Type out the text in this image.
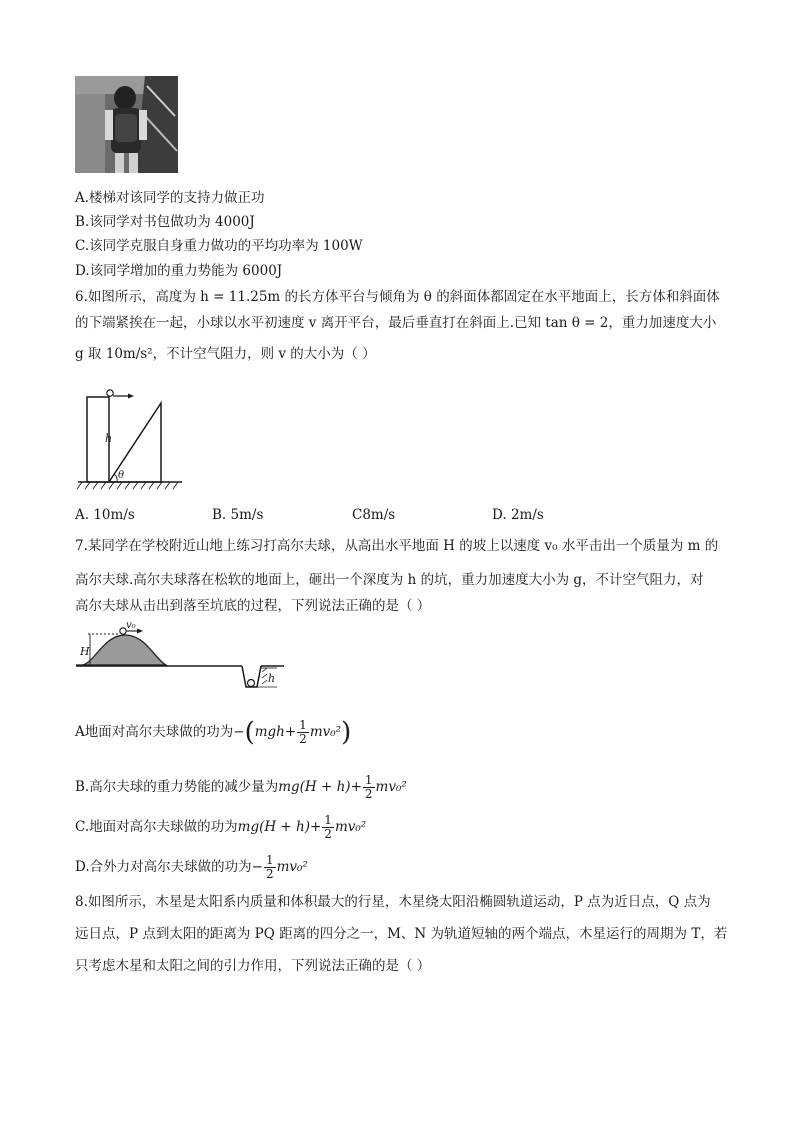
A.楼梯对该同学的支持力做正功
B.该同学对书包做功为 4000J
C.该同学克服自身重力做功的平均功率为 100W
D.该同学增加的重力势能为 6000J
6.如图所示，高度为 h = 11.25m 的长方体平台与倾角为 θ 的斜面体都固定在水平地面上，长方体和斜面体
的下端紧挨在一起，小球以水平初速度 v 离开平台，最后垂直打在斜面上.已知 tan θ = 2，重力加速度大小
g 取 10m/s²，不计空气阻力，则 v 的大小为（ ）
h
θ
A. 10m/s	B. 5m/s	C8m/s	D. 2m/s
7.某同学在学校附近山地上练习打高尔夫球，从高出水平地面 H 的坡上以速度 v₀ 水平击出一个质量为 m 的
高尔夫球.高尔夫球落在松软的地面上，砸出一个深度为 h 的坑，重力加速度大小为 g，不计空气阻力，对
高尔夫球从击出到落至坑底的过程，下列说法正确的是（ ）
h
H
v₀
A地面对高尔夫球做的功为$-(mgh+ \frac{1}{2} mv_0^2)$
B.高尔夫球的重力势能的减少量为$mg(H + h)+ \frac{1}{2} mv_0^2$
C.地面对高尔夫球做的功为$mg(H + h)+ \frac{1}{2} mv_0^2$
D.合外力对高尔夫球做的功为− $\frac{1}{2} mv_0^2$
8.如图所示，木星是太阳系内质量和体积最大的行星，木星绕太阳沿椭圆轨道运动，P 点为近日点，Q 点为
远日点，P 点到太阳的距离为 PQ 距离的四分之一，M、N 为轨道短轴的两个端点，木星运行的周期为 T，若
只考虑木星和太阳之间的引力作用，下列说法正确的是（ ）
